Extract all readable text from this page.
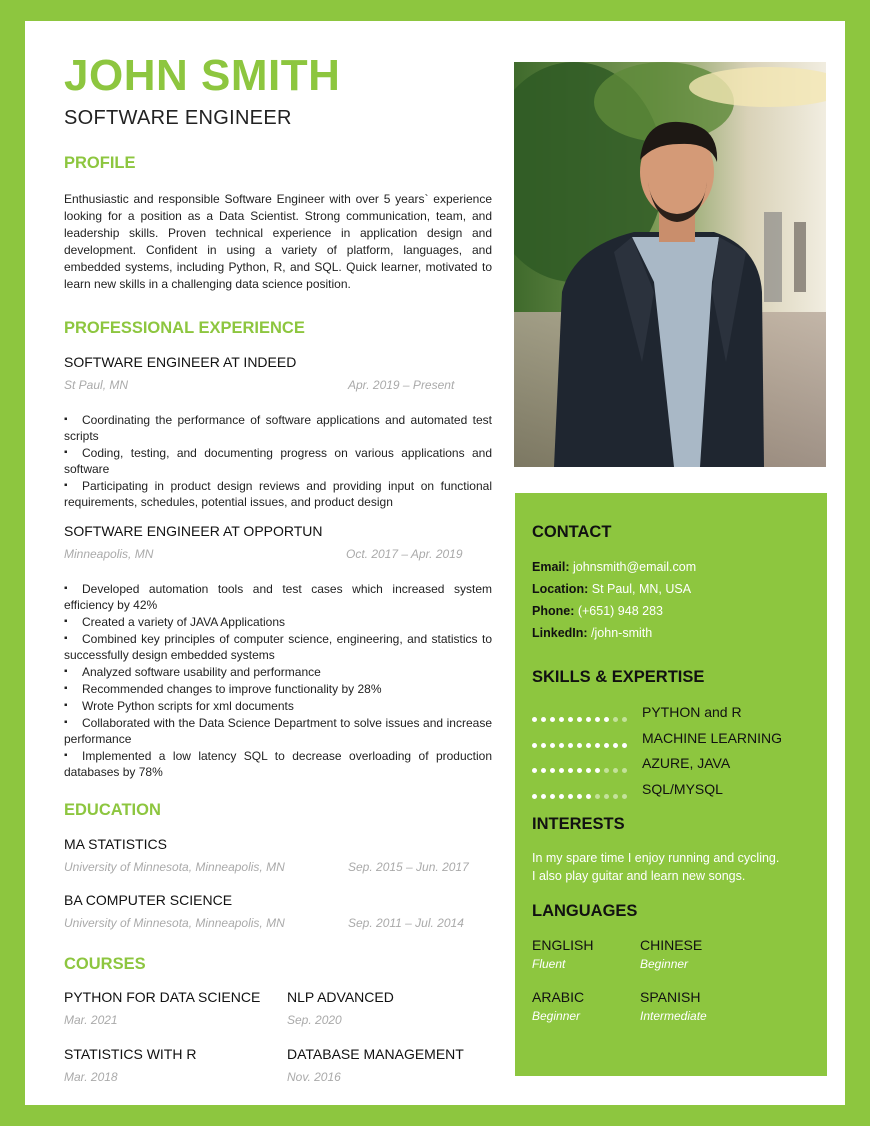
JOHN SMITH
SOFTWARE ENGINEER
PROFILE
Enthusiastic and responsible Software Engineer with over 5 years` experience looking for a position as a Data Scientist. Strong communication, team, and leadership skills. Proven technical experience in application design and development. Confident in using a variety of platform, languages, and embedded systems, including Python, R, and SQL. Quick learner, motivated to learn new skills in a challenging data science position.
PROFESSIONAL EXPERIENCE
SOFTWARE ENGINEER AT INDEED
St Paul, MN	Apr. 2019 – Present
▪ Coordinating the performance of software applications and automated test scripts
▪ Coding, testing, and documenting progress on various applications and software
▪ Participating in product design reviews and providing input on functional requirements, schedules, potential issues, and product design
SOFTWARE ENGINEER AT OPPORTUN
Minneapolis, MN	Oct. 2017 – Apr. 2019
▪ Developed automation tools and test cases which increased system efficiency by 42%
▪ Created a variety of JAVA Applications
▪ Combined key principles of computer science, engineering, and statistics to successfully design embedded systems
▪ Analyzed software usability and performance
▪ Recommended changes to improve functionality by 28%
▪ Wrote Python scripts for xml documents
▪ Collaborated with the Data Science Department to solve issues and increase performance
▪ Implemented a low latency SQL to decrease overloading of production databases by 78%
EDUCATION
MA STATISTICS
University of Minnesota, Minneapolis, MN	Sep. 2015 – Jun. 2017
BA COMPUTER SCIENCE
University of Minnesota, Minneapolis, MN	Sep. 2011 – Jul. 2014
COURSES
PYTHON FOR DATA SCIENCE
Mar. 2021
NLP ADVANCED
Sep. 2020
STATISTICS WITH R
Mar. 2018
DATABASE MANAGEMENT
Nov. 2016
CONTACT
Email: johnsmith@email.com
Location: St Paul, MN, USA
Phone: (+651) 948 283
LinkedIn: /john-smith
SKILLS & EXPERTISE
PYTHON and R
MACHINE LEARNING
AZURE, JAVA
SQL/MYSQL
INTERESTS
In my spare time I enjoy running and cycling.
I also play guitar and learn new songs.
LANGUAGES
ENGLISH
Fluent
CHINESE
Beginner
ARABIC
Beginner
SPANISH
Intermediate
